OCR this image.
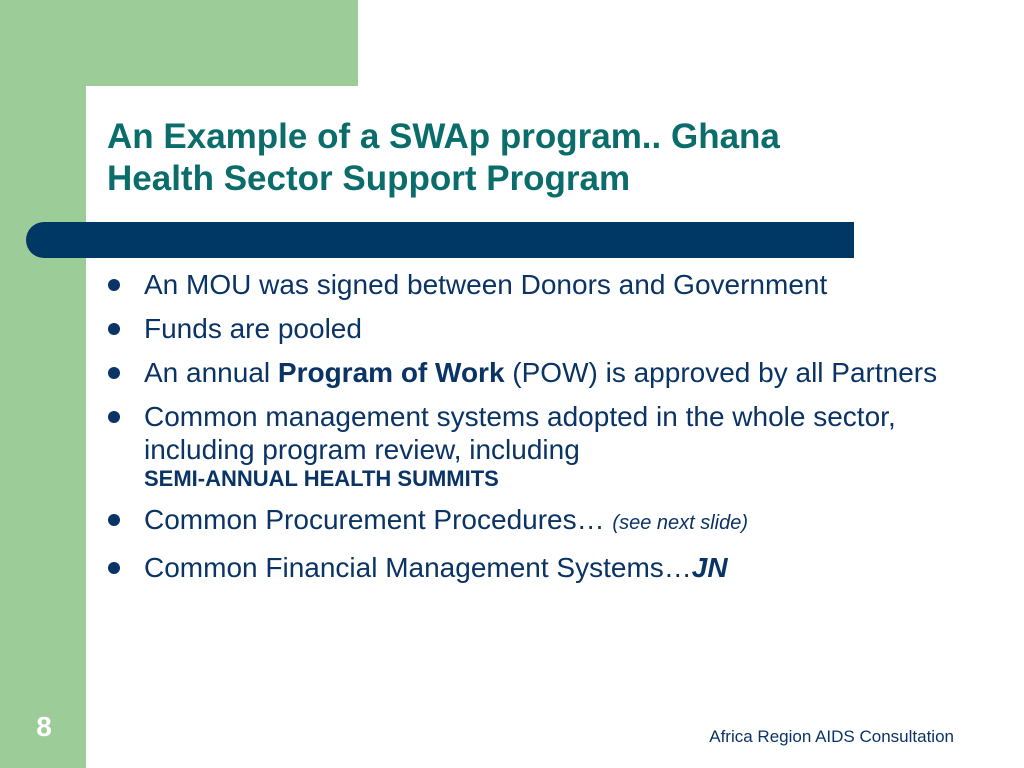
An Example of a SWAp program.. Ghana
Health Sector Support Program
An MOU was signed between Donors and Government
Funds are pooled
An annual Program of Work (POW) is approved by all Partners
Common management systems adopted in the whole sector, including program review, including
SEMI-ANNUAL HEALTH SUMMITS
Common Procurement Procedures… (see next slide)
Common Financial Management Systems…JN
8	Africa Region AIDS Consultation
